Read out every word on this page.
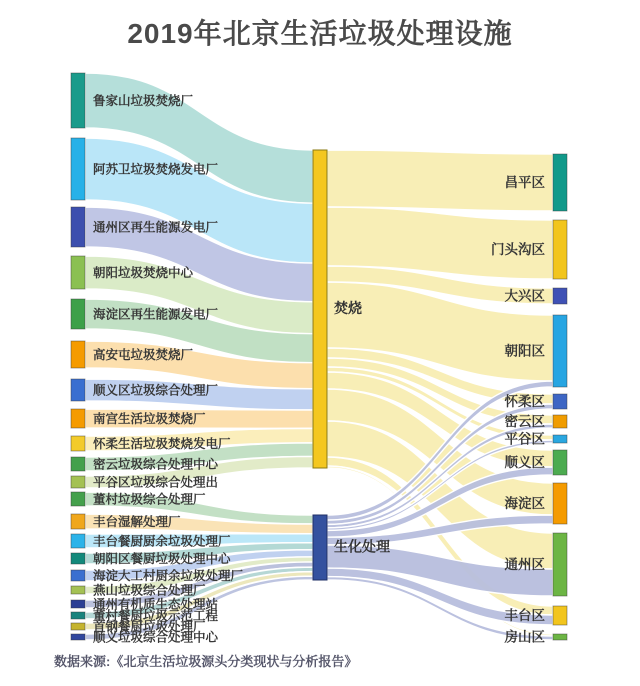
2019年北京生活垃圾处理设施
鲁家山垃圾焚烧厂
阿苏卫垃圾焚烧发电厂
通州区再生能源发电厂
朝阳垃圾焚烧中心
海淀区再生能源发电厂
高安屯垃圾焚烧厂
顺义区垃圾综合处理厂
南宫生活垃圾焚烧厂
怀柔生活垃圾焚烧发电厂
密云垃圾综合处理中心
平谷区垃圾综合处理出
董村垃圾综合处理厂
丰台湿解处理厂
丰台餐厨厨余垃圾处理厂
朝阳区餐厨垃圾处理中心
海淀大工村厨余垃圾处理厂
燕山垃圾综合处理厂
通州有机质生态处理站
董村餐厨垃圾示范工程
首钢餐厨垃圾处理厂
顺义垃圾综合处理中心
焚烧
生化处理
昌平区
门头沟区
大兴区
朝阳区
怀柔区
密云区
平谷区
顺义区
海淀区
通州区
丰台区
房山区
数据来源:《北京生活垃圾源头分类现状与分析报告》
